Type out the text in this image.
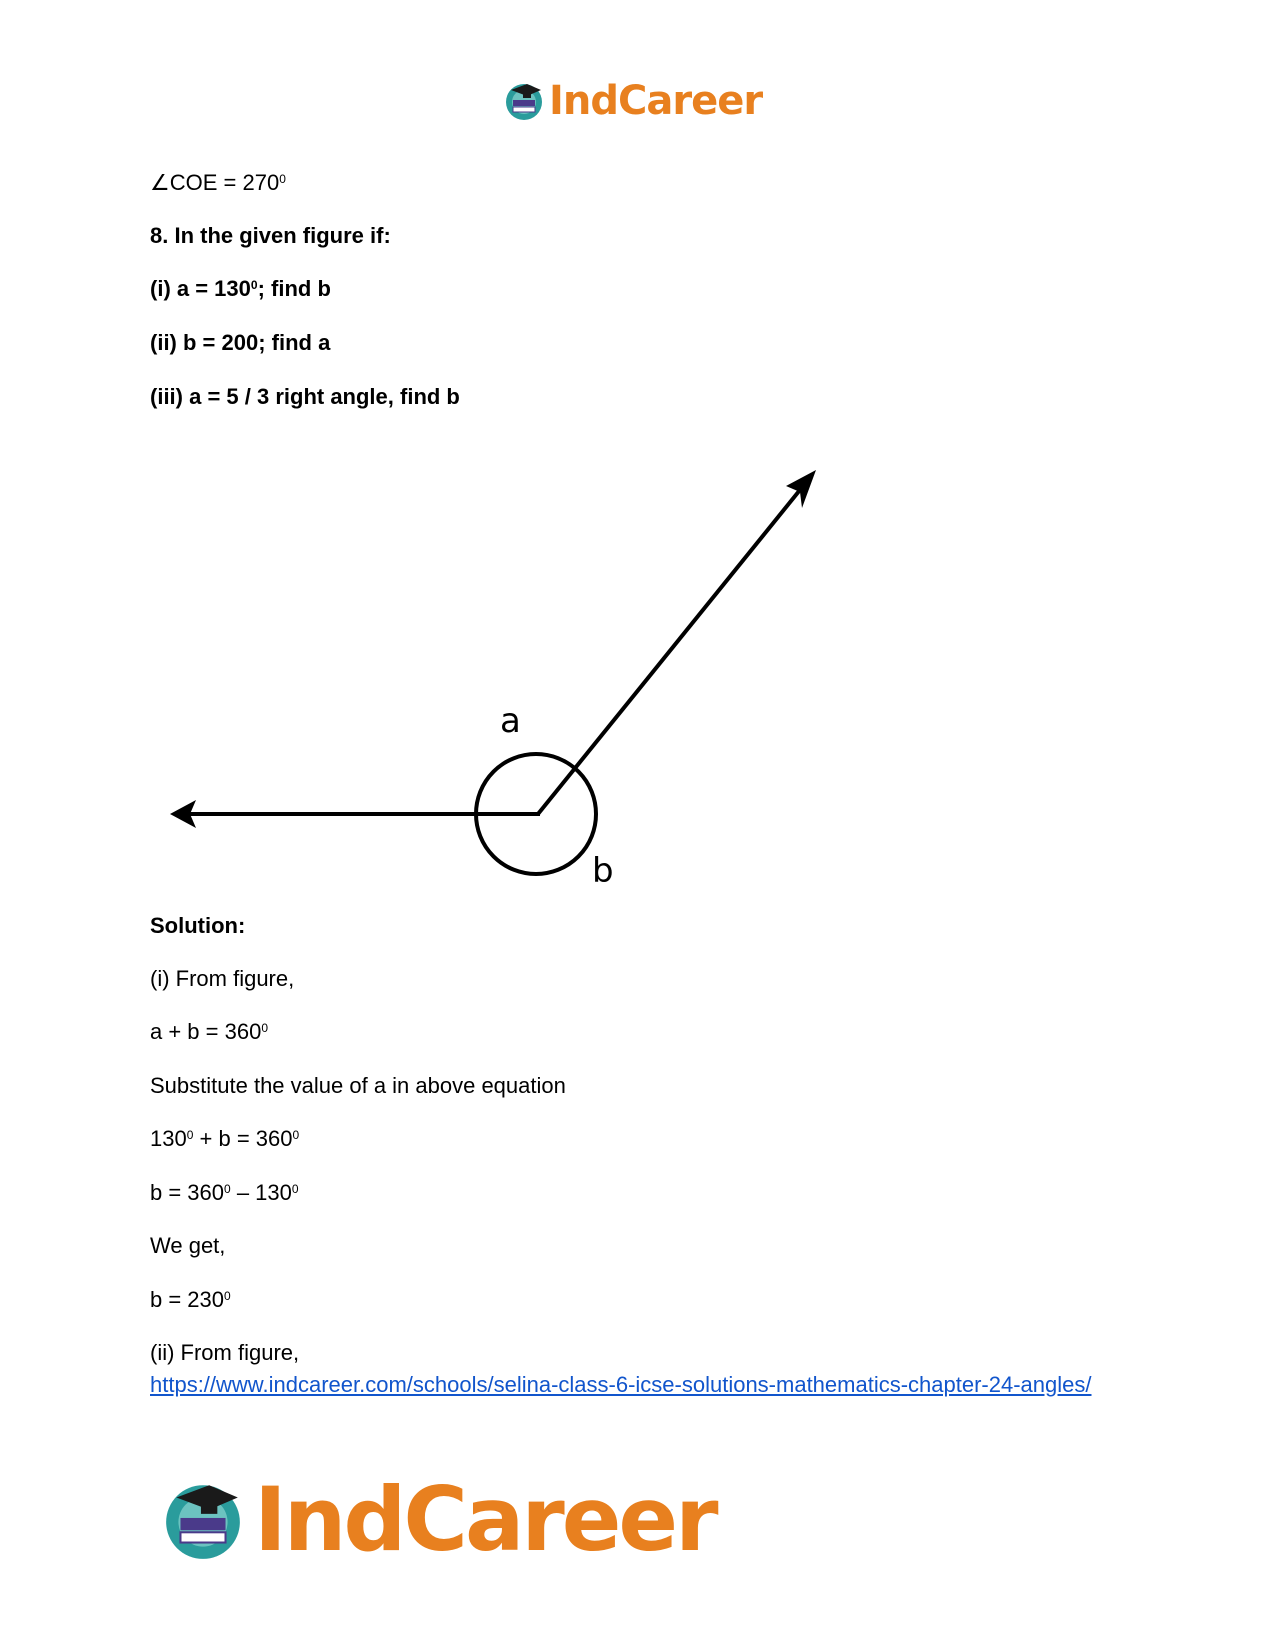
IndCareer
∠COE = $270^0$
8. In the given figure if:
(i) $a = 130^0$; find b
(ii) b = 200; find a
(iii) a = 5 / 3 right angle, find b
a
b
Solution:
(i) From figure,
$a + b = 360^0$
Substitute the value of a in above equation
$130^0 + b = 360^0$
$b = 360^0 - 130^0$
We get,
$b = 230^0$
(ii) From figure,
https://www.indcareer.com/schools/selina-class-6-icse-solutions-mathematics-chapter-24-angles/
IndCareer
